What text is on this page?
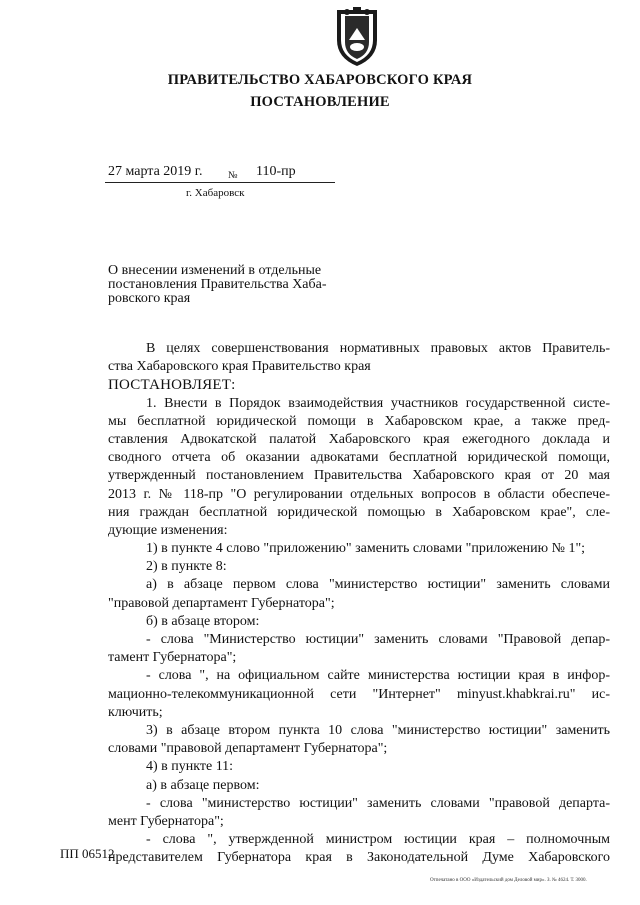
ПРАВИТЕЛЬСТВО ХАБАРОВСКОГО КРАЯ
ПОСТАНОВЛЕНИЕ
27 марта 2019 г.	№ 110-пр
г. Хабаровск
О внесении изменений в отдельные
постановления Правительства Хаба-
ровского края
В целях совершенствования нормативных правовых актов Правитель-
ства Хабаровского края Правительство края
ПОСТАНОВЛЯЕТ:
1. Внести в Порядок взаимодействия участников государственной систе-
мы бесплатной юридической помощи в Хабаровском крае, а также пред-
ставления Адвокатской палатой Хабаровского края ежегодного доклада и
сводного отчета об оказании адвокатами бесплатной юридической помощи,
утвержденный постановлением Правительства Хабаровского края от 20 мая
2013 г. № 118-пр "О регулировании отдельных вопросов в области обеспече-
ния граждан бесплатной юридической помощью в Хабаровском крае", сле-
дующие изменения:
1) в пункте 4 слово "приложению" заменить словами "приложению № 1";
2) в пункте 8:
а) в абзаце первом слова "министерство юстиции" заменить словами
"правовой департамент Губернатора";
б) в абзаце втором:
- слова "Министерство юстиции" заменить словами "Правовой депар-
тамент Губернатора";
- слова ", на официальном сайте министерства юстиции края в инфор-
мационно-телекоммуникационной сети "Интернет" minyust.khabkrai.ru" ис-
ключить;
3) в абзаце втором пункта 10 слова "министерство юстиции" заменить
словами "правовой департамент Губернатора";
4) в пункте 11:
а) в абзаце первом:
- слова "министерство юстиции" заменить словами "правовой департа-
мент Губернатора";
- слова ", утвержденной министром юстиции края – полномочным
представителем Губернатора края в Законодательной Думе Хабаровского
ПП 06512
Отпечатано в ООО «Издательский дом Деловой мир». З. № 4624. Т. 3000.
